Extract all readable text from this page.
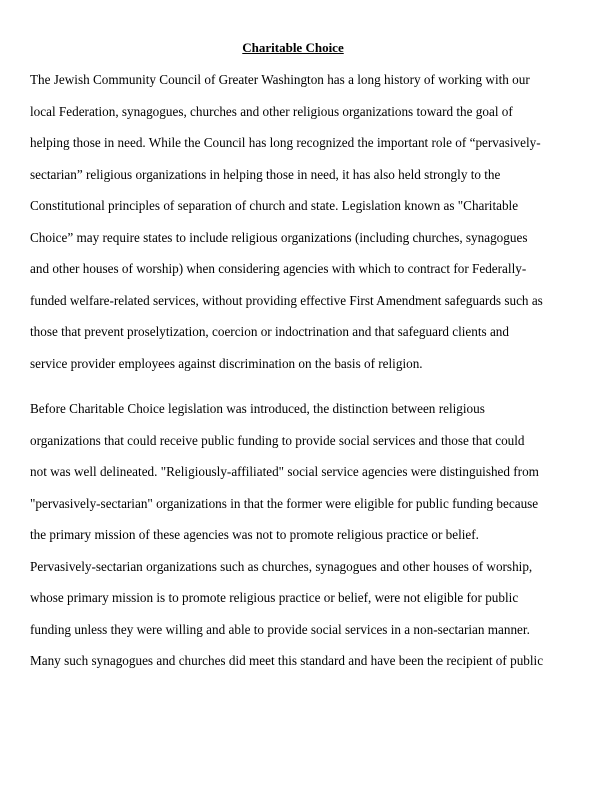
Charitable Choice
The Jewish Community Council of Greater Washington has a long history of working with our
local Federation, synagogues, churches and other religious organizations toward the goal of
helping those in need. While the Council has long recognized the important role of “pervasively-
sectarian” religious organizations in helping those in need, it has also held strongly to the
Constitutional principles of separation of church and state. Legislation known as "Charitable
Choice” may require states to include religious organizations (including churches, synagogues
and other houses of worship) when considering agencies with which to contract for Federally-
funded welfare-related services, without providing effective First Amendment safeguards such as
those that prevent proselytization, coercion or indoctrination and that safeguard clients and
service provider employees against discrimination on the basis of religion.
Before Charitable Choice legislation was introduced, the distinction between religious
organizations that could receive public funding to provide social services and those that could
not was well delineated. "Religiously-affiliated" social service agencies were distinguished from
"pervasively-sectarian" organizations in that the former were eligible for public funding because
the primary mission of these agencies was not to promote religious practice or belief.
Pervasively-sectarian organizations such as churches, synagogues and other houses of worship,
whose primary mission is to promote religious practice or belief, were not eligible for public
funding unless they were willing and able to provide social services in a non-sectarian manner.
Many such synagogues and churches did meet this standard and have been the recipient of public
